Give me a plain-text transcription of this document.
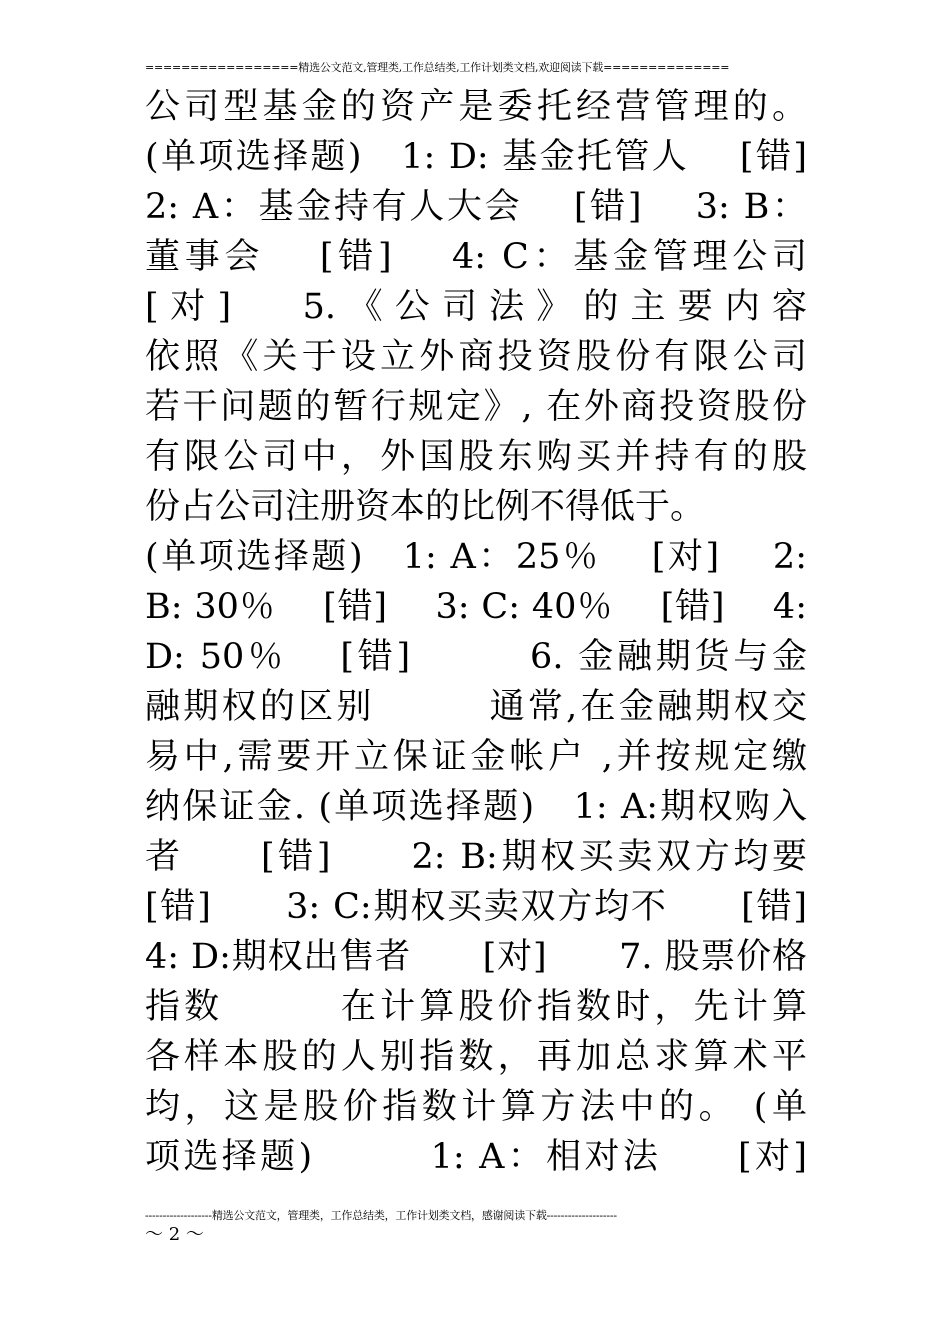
=================精选公文范文,管理类,工作总结类,工作计划类文档,欢迎阅读下载==============
公司型基金的资产是委托经营管理的。
(单项选择题)　1: D: 基金托管人　 [错]
2: A：基金持有人大会　 [错]　 3: B：
董事会　 [错]　 4: C：基金管理公司
[ 对 ]　　5. 《 公 司 法 》 的 主 要 内 容
依照《关于设立外商投资股份有限公司
若干问题的暂行规定》, 在外商投资股份
有限公司中，外国股东购买并持有的股
份占公司注册资本的比例不得低于。
(单项选择题)　1: A：25％　 [对]　 2:
B: 30％　 [错]　 3: C: 40％　 [错]　 4:
D: 50％　 [错]　　　6. 金融期货与金
融期权的区别　　　通常,在金融期权交
易中,需要开立保证金帐户 ,并按规定缴
纳保证金. (单项选择题)　1: A:期权购入
者　　[错]　　2: B:期权买卖双方均要
[错]　　3: C:期权买卖双方均不　　[错]
4: D:期权出售者　　[对]　　7. 股票价格
指数　　　在计算股价指数时，先计算
各样本股的人别指数，再加总求算术平
均，这是股价指数计算方法中的。 (单
项选择题)　　　1: A：相对法　　[对]
-------------------精选公文范文，管理类，工作总结类，工作计划类文档，感谢阅读下载--------------------
～ 2 ～
